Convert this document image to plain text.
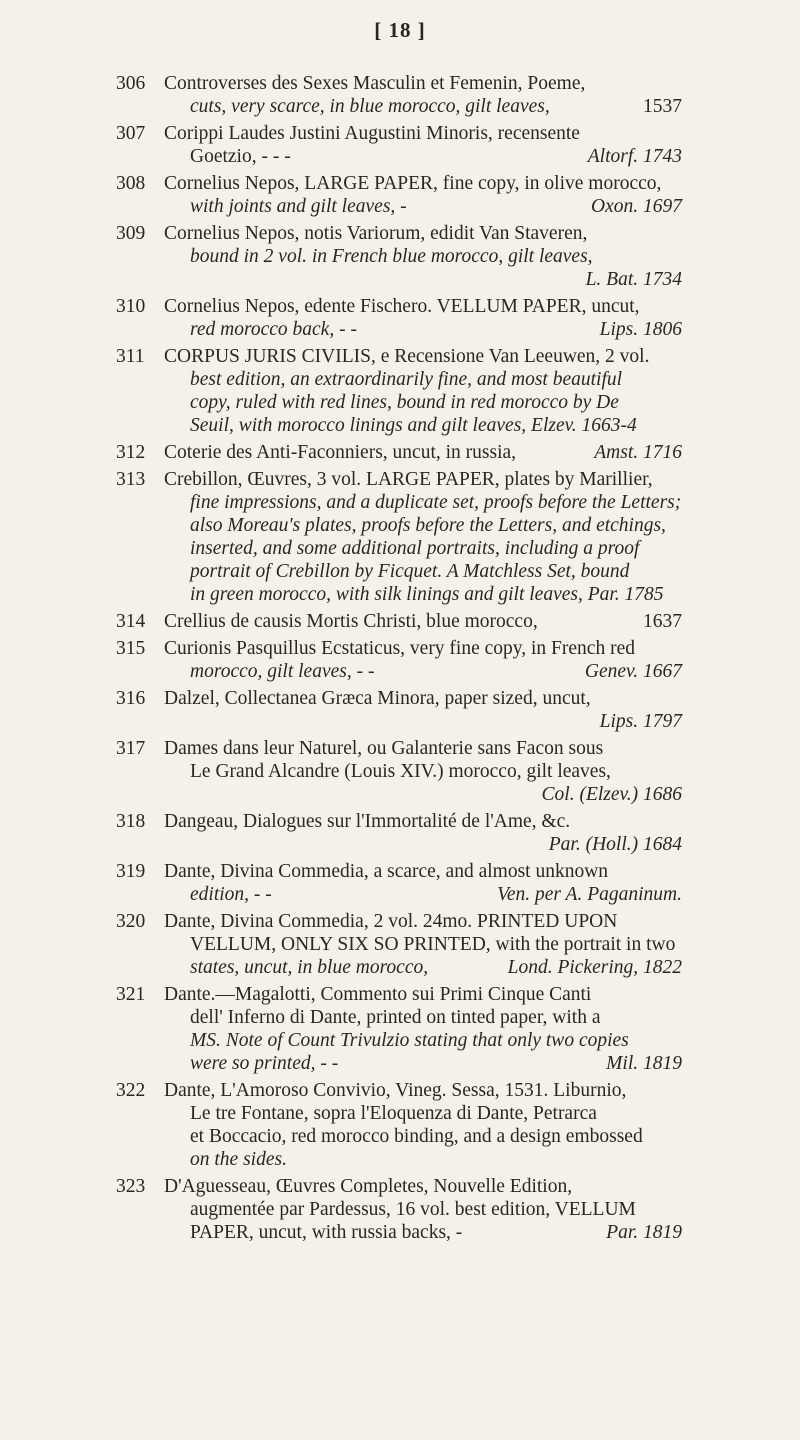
[ 18 ]
306 Controverses des Sexes Masculin et Femenin, Poeme,
cuts, very scarce, in blue morocco, gilt leaves,	1537
307 Corippi Laudes Justini Augustini Minoris, recensente
Goetzio, - - -	Altorf. 1743
308 Cornelius Nepos, LARGE PAPER, fine copy, in olive morocco,
with joints and gilt leaves, -	Oxon. 1697
309 Cornelius Nepos, notis Variorum, edidit Van Staveren,
bound in 2 vol. in French blue morocco, gilt leaves,
L. Bat. 1734
310 Cornelius Nepos, edente Fischero. VELLUM PAPER, uncut,
red morocco back, - -	Lips. 1806
311 CORPUS JURIS CIVILIS, e Recensione Van Leeuwen, 2 vol.
best edition, an extraordinarily fine, and most beautiful
copy, ruled with red lines, bound in red morocco by De
Seuil, with morocco linings and gilt leaves, Elzev. 1663-4
312 Coterie des Anti-Faconniers, uncut, in russia,	Amst. 1716
313 Crebillon, Œuvres, 3 vol. LARGE PAPER, plates by Marillier,
fine impressions, and a duplicate set, proofs before the Letters;
also Moreau's plates, proofs before the Letters, and etchings,
inserted, and some additional portraits, including a proof
portrait of Crebillon by Ficquet. A Matchless Set, bound
in green morocco, with silk linings and gilt leaves, Par. 1785
314 Crellius de causis Mortis Christi, blue morocco,	1637
315 Curionis Pasquillus Ecstaticus, very fine copy, in French red
morocco, gilt leaves, - -	Genev. 1667
316 Dalzel, Collectanea Græca Minora, paper sized, uncut,
Lips. 1797
317 Dames dans leur Naturel, ou Galanterie sans Facon sous
Le Grand Alcandre (Louis XIV.) morocco, gilt leaves,
Col. (Elzev.) 1686
318 Dangeau, Dialogues sur l'Immortalité de l'Ame, &c.
Par. (Holl.) 1684
319 Dante, Divina Commedia, a scarce, and almost unknown
edition, - -	Ven. per A. Paganinum.
320 Dante, Divina Commedia, 2 vol. 24mo. PRINTED UPON
VELLUM, ONLY SIX SO PRINTED, with the portrait in two
states, uncut, in blue morocco,	Lond. Pickering, 1822
321 Dante.—Magalotti, Commento sui Primi Cinque Canti
dell' Inferno di Dante, printed on tinted paper, with a
MS. Note of Count Trivulzio stating that only two copies
were so printed, - -	Mil. 1819
322 Dante, L'Amoroso Convivio, Vineg. Sessa, 1531. Liburnio,
Le tre Fontane, sopra l'Eloquenza di Dante, Petrarca
et Boccacio, red morocco binding, and a design embossed
on the sides.
323 D'Aguesseau, Œuvres Completes, Nouvelle Edition,
augmentée par Pardessus, 16 vol. best edition, VELLUM
PAPER, uncut, with russia backs, -	Par. 1819
